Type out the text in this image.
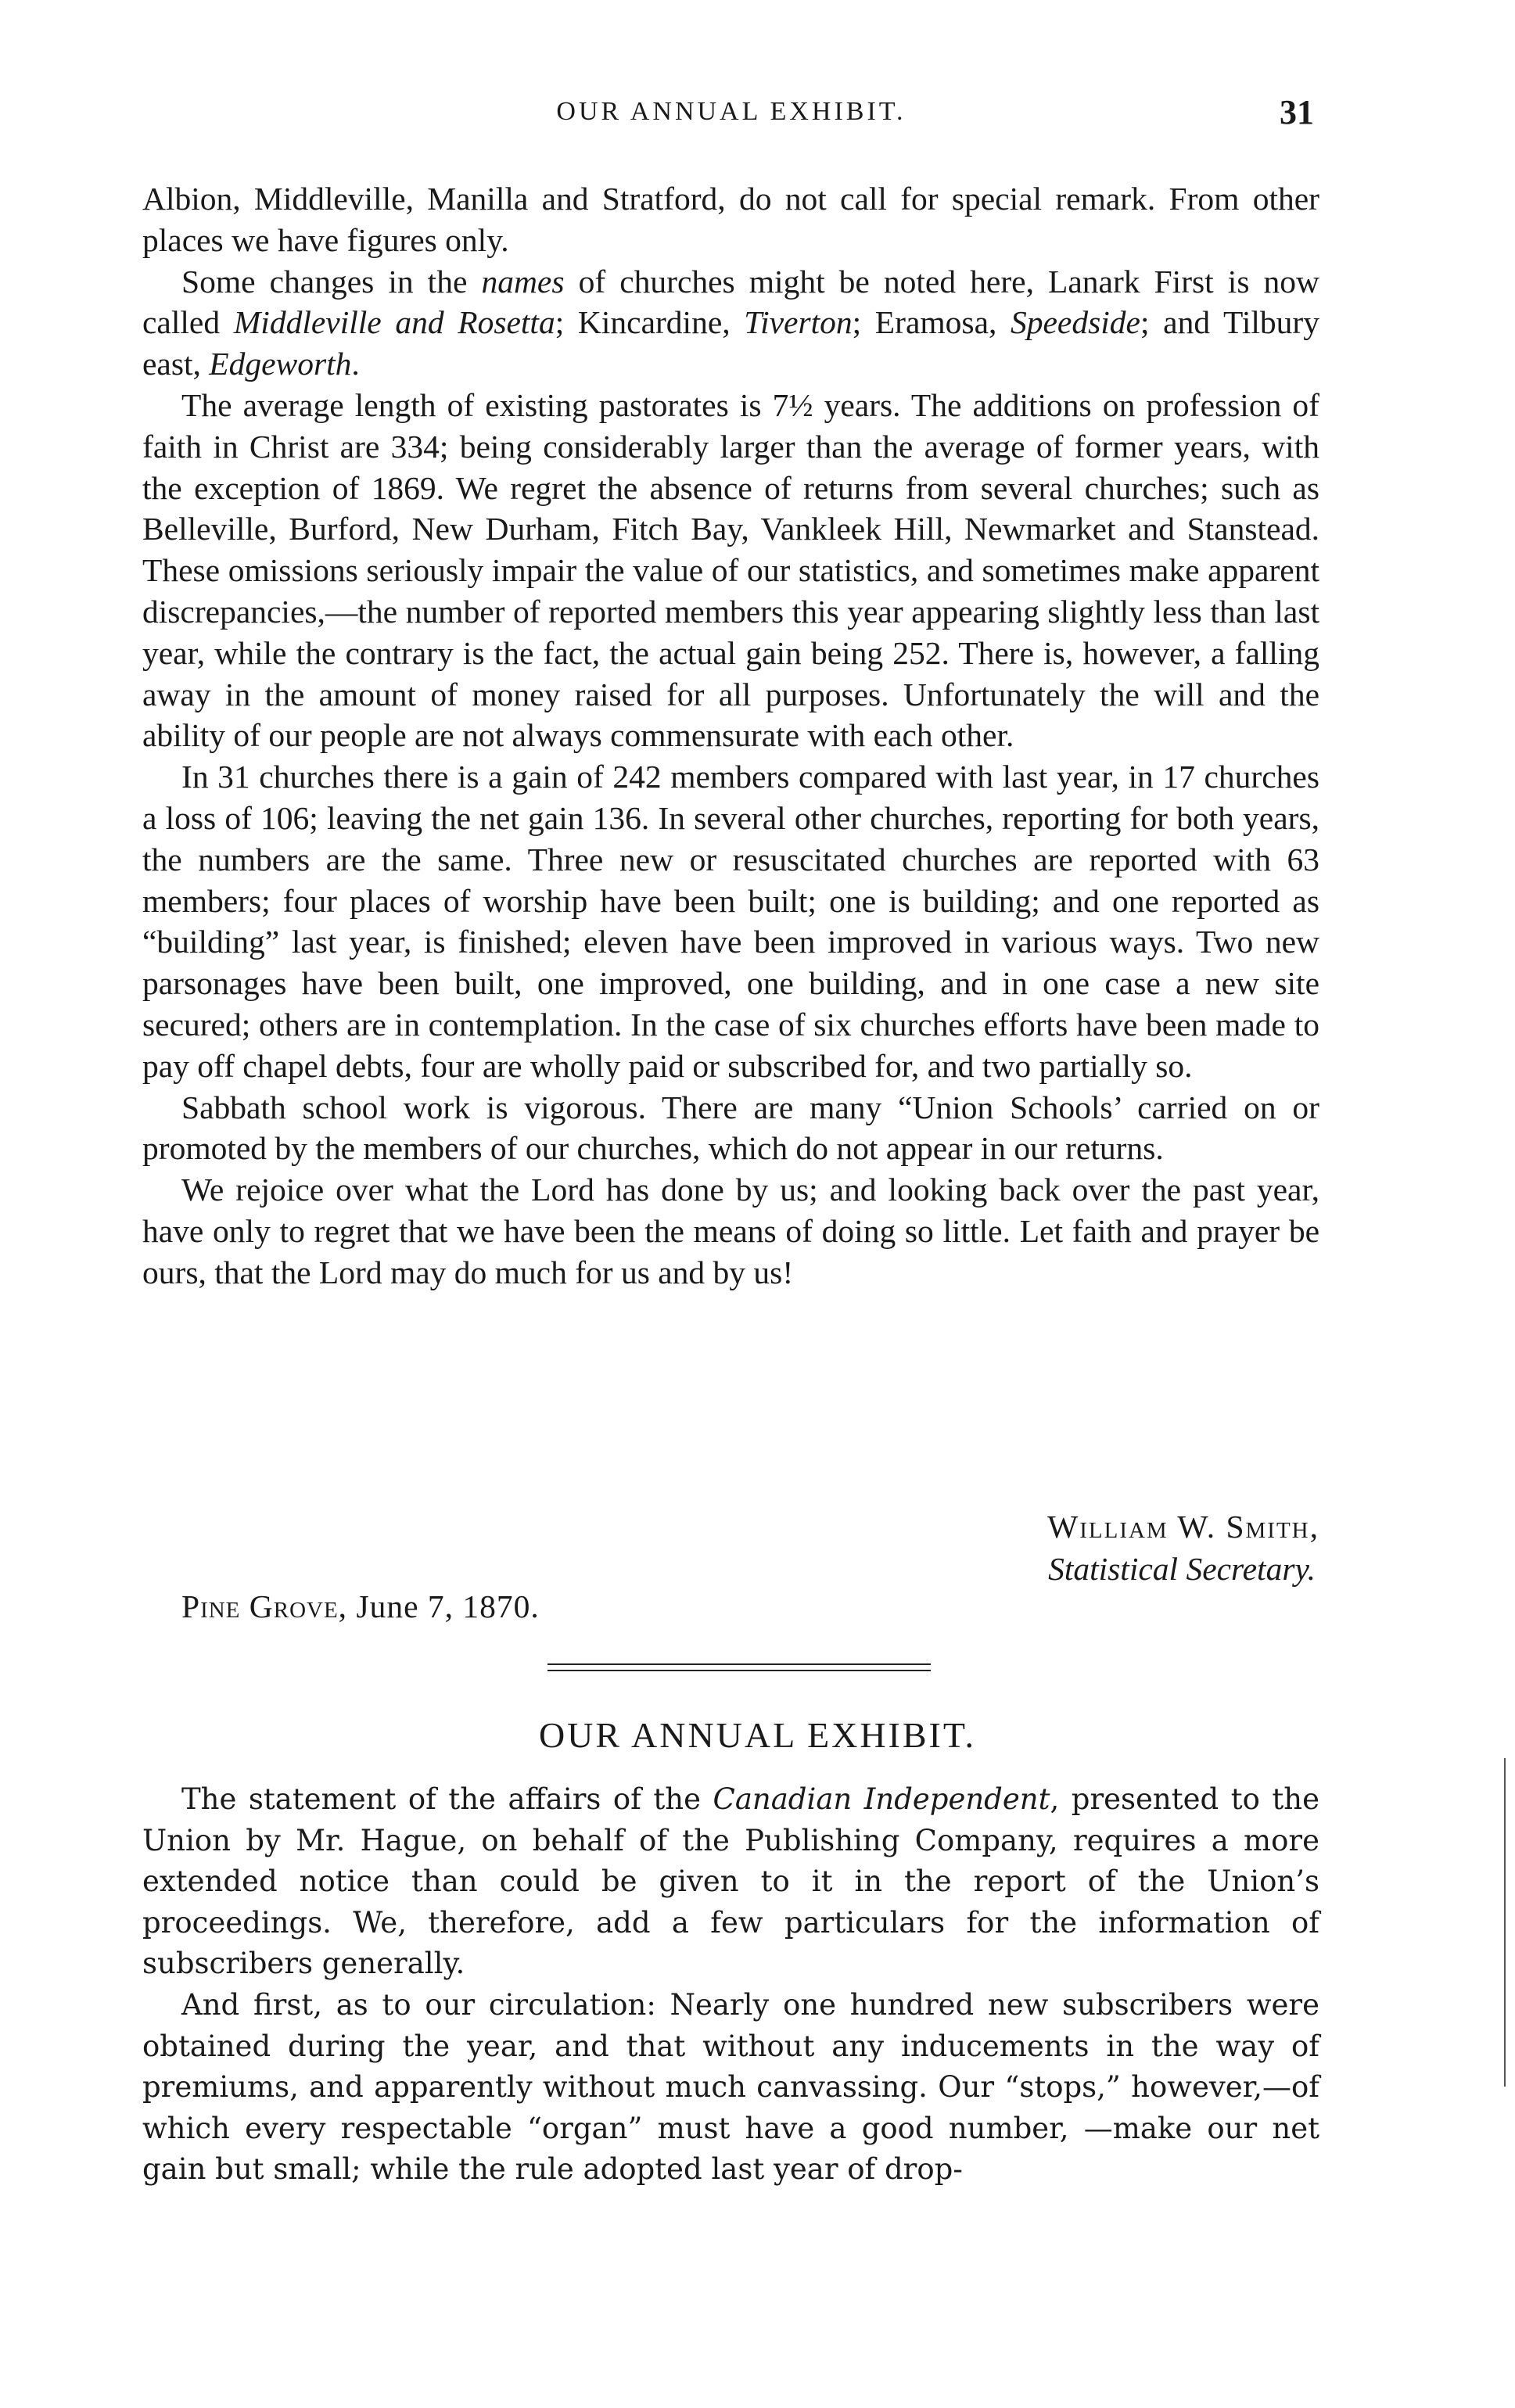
OUR ANNUAL EXHIBIT.	31

Albion, Middleville, Manilla and Stratford, do not call for special remark. From other places we have figures only.

Some changes in the names of churches might be noted here, Lanark First is now called Middleville and Rosetta; Kincardine, Tiverton; Eramosa, Speedside; and Tilbury east, Edgeworth.

The average length of existing pastorates is 7½ years. The additions on profession of faith in Christ are 334; being considerably larger than the average of former years, with the exception of 1869. We regret the absence of returns from several churches; such as Belleville, Burford, New Durham, Fitch Bay, Vankleek Hill, Newmarket and Stanstead. These omissions seriously impair the value of our statistics, and sometimes make apparent discrepancies,—the number of reported members this year appearing slightly less than last year, while the contrary is the fact, the actual gain being 252. There is, however, a falling away in the amount of money raised for all purposes. Unfortunately the will and the ability of our people are not always commensurate with each other.

In 31 churches there is a gain of 242 members compared with last year, in 17 churches a loss of 106; leaving the net gain 136. In several other churches, reporting for both years, the numbers are the same. Three new or resuscitated churches are reported with 63 members; four places of worship have been built; one is building; and one reported as “building” last year, is finished; eleven have been improved in various ways. Two new parsonages have been built, one improved, one building, and in one case a new site secured; others are in contemplation. In the case of six churches efforts have been made to pay off chapel debts, four are wholly paid or subscribed for, and two partially so.

Sabbath school work is vigorous. There are many “Union Schools’ carried on or promoted by the members of our churches, which do not appear in our returns.

We rejoice over what the Lord has done by us; and looking back over the past year, have only to regret that we have been the means of doing so little. Let faith and prayer be ours, that the Lord may do much for us and by us!

William W. Smith,
Statistical Secretary.
Pine Grove, June 7, 1870.
OUR ANNUAL EXHIBIT.

The statement of the affairs of the Canadian Independent, presented to the Union by Mr. Hague, on behalf of the Publishing Company, requires a more extended notice than could be given to it in the report of the Union’s proceedings. We, therefore, add a few particulars for the information of subscribers generally.

And first, as to our circulation: Nearly one hundred new subscribers were obtained during the year, and that without any inducements in the way of premiums, and apparently without much canvassing. Our “stops,” however,—of which every respectable “organ” must have a good number, —make our net gain but small; while the rule adopted last year of drop-
